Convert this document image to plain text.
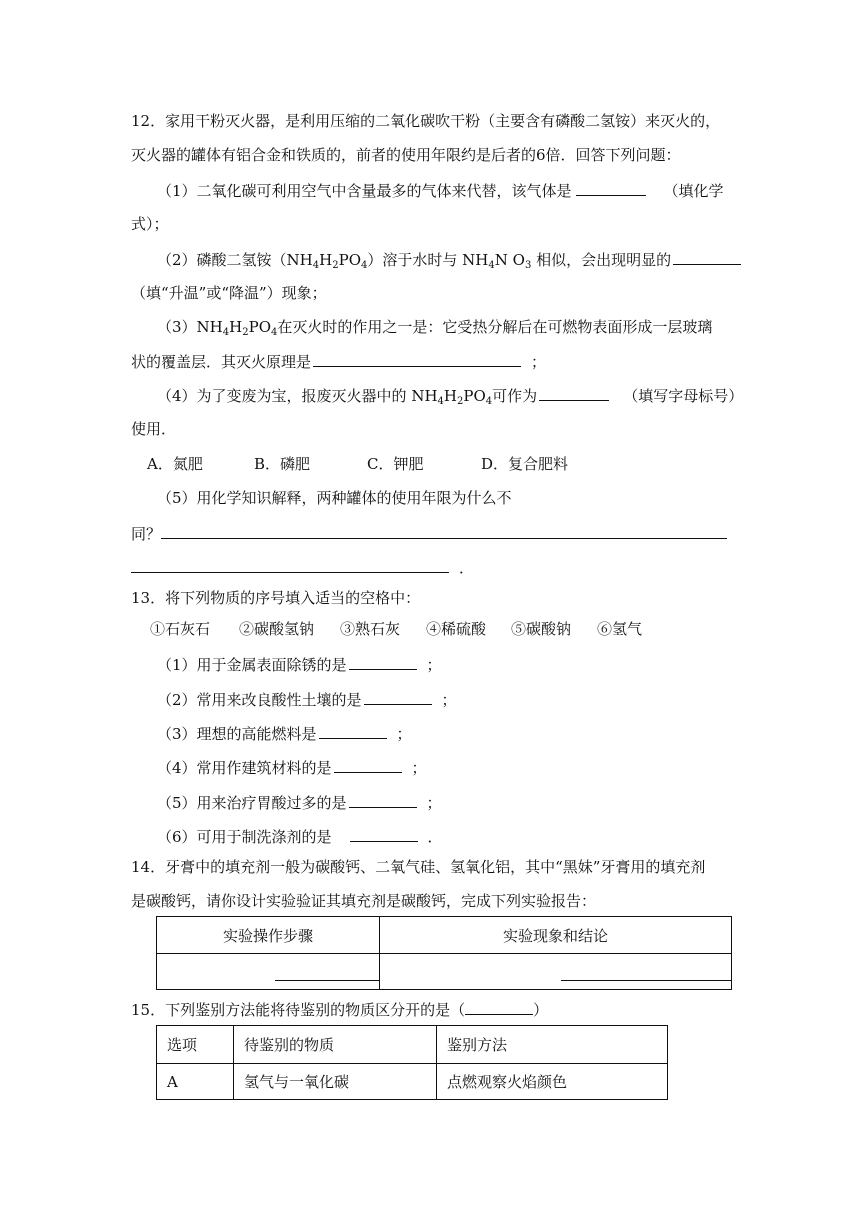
12．家用干粉灭火器，是利用压缩的二氧化碳吹干粉（主要含有磷酸二氢铵）来灭火的，
灭火器的罐体有铝合金和铁质的，前者的使用年限约是后者的6倍．回答下列问题：
（1）二氧化碳可利用空气中含量最多的气体来代替，该气体是	（填化学
式）；
（2）磷酸二氢铵$(NH_4H_2PO_4)$溶于水时与 $NH_4N$ $O_3$ 相似，会出现明显的
（填“升温”或“降温”）现象；
$(3)NH_4H_2PO_4$在灭火时的作用之一是：它受热分解后在可燃物表面形成一层玻璃
状的覆盖层．其灭火原理是	；
（4）为了变废为宝，报废灭火器中的 $NH_4H_2PO_4$可作为	（填写字母标号）
使用．
A．氮肥	B．磷肥	C．钾肥	D．复合肥料
（5）用化学知识解释，两种罐体的使用年限为什么不
同？
．
13．将下列物质的序号填入适当的空格中：
①石灰石 ②碳酸氢钠 ③熟石灰 ④稀硫酸 ⑤碳酸钠 ⑥氢气
（1）用于金属表面除锈的是	；
（2）常用来改良酸性土壤的是	；
（3）理想的高能燃料是	；
（4）常用作建筑材料的是	；
（5）用来治疗胃酸过多的是	；
（6）可用于制洗涤剂的是	．
14．牙膏中的填充剂一般为碳酸钙、二氧气硅、氢氧化铝，其中“黑妹”牙膏用的填充剂
是碳酸钙，请你设计实验验证其填充剂是碳酸钙，完成下列实验报告：
实验操作步骤	实验现象和结论

15．下列鉴别方法能将待鉴别的物质区分开的是（	）
选项	待鉴别的物质	鉴别方法
A	氢气与一氧化碳	点燃观察火焰颜色
